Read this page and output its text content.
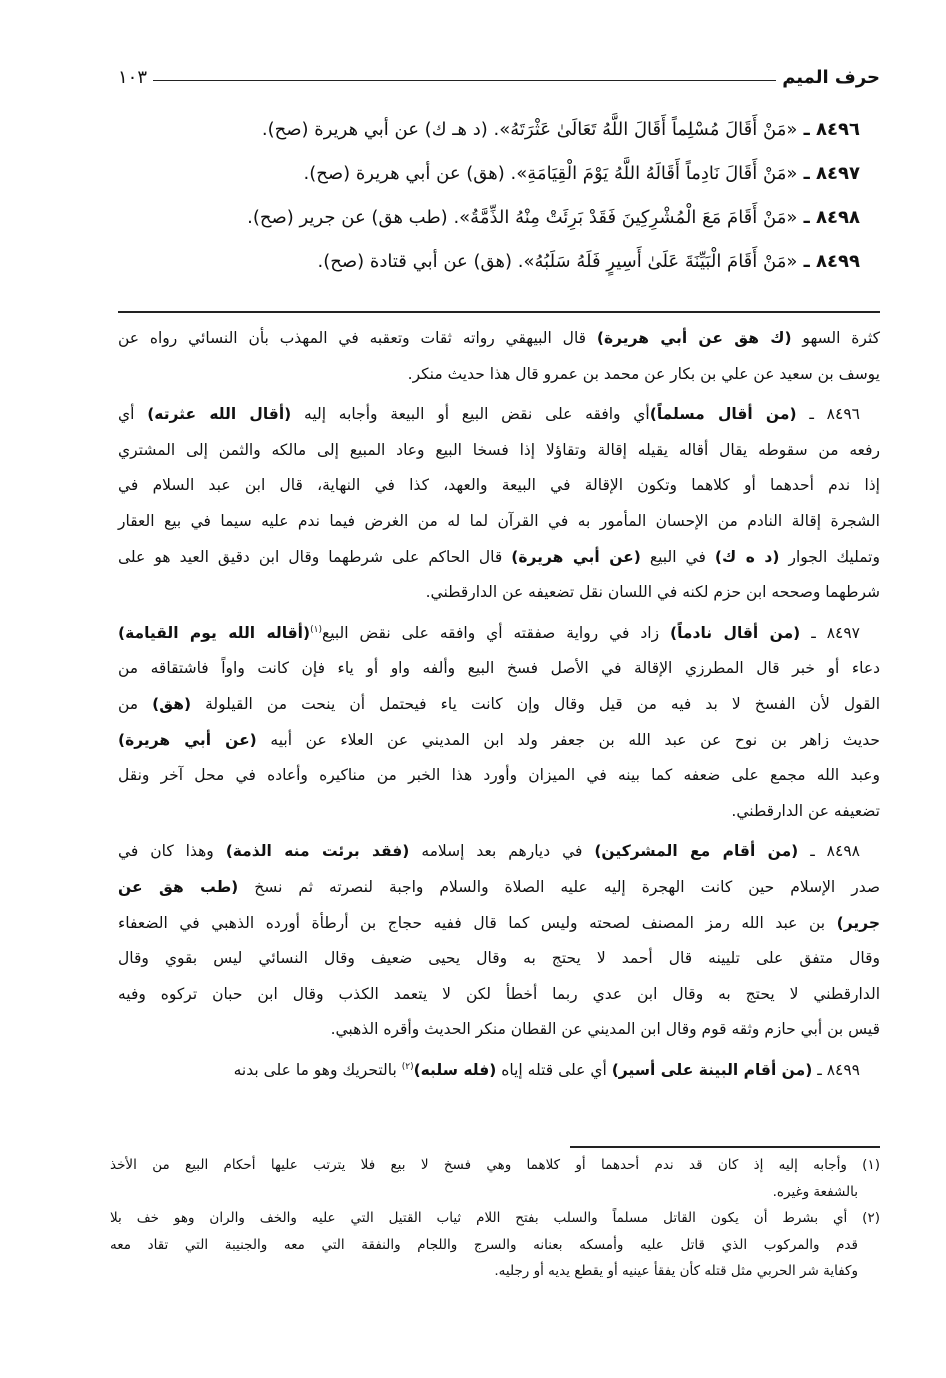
حرف الميم
١٠٣
٨٤٩٦ ـ «مَنْ أَقَالَ مُسْلِماً أَقَالَ اللَّهُ تَعَالَىٰ عَثْرَتَهُ». (د هـ ك) عن أبي هريرة (صح).
٨٤٩٧ ـ «مَنْ أَقَالَ نَادِماً أَقَالَهُ اللَّهُ يَوْمَ الْقِيَامَةِ». (هق) عن أبي هريرة (صح).
٨٤٩٨ ـ «مَنْ أَقَامَ مَعَ الْمُشْرِكِينَ فَقَدْ بَرِئَتْ مِنْهُ الذِّمَّةُ». (طب هق) عن جرير (صح).
٨٤٩٩ ـ «مَنْ أَقَامَ الْبَيِّنَةَ عَلَىٰ أَسِيرٍ فَلَهُ سَلَبُهُ». (هق) عن أبي قتادة (صح).
كثرة السهو (ك هق عن أبي هريرة) قال البيهقي رواته ثقات وتعقبه في المهذب بأن النسائي رواه عن
يوسف بن سعيد عن علي بن بكار عن محمد بن عمرو قال هذا حديث منكر.
٨٤٩٦ ـ (من أقال مسلماً)أي وافقه على نقض البيع أو البيعة وأجابه إليه (أقال الله عثرته) أي
رفعه من سقوطه يقال أقاله يقيله إقالة وتقاؤلا إذا فسخا البيع وعاد المبيع إلى مالكه والثمن إلى المشتري
إذا ندم أحدهما أو كلاهما وتكون الإقالة في البيعة والعهد، كذا في النهاية، قال ابن عبد السلام في
الشجرة إقالة النادم من الإحسان المأمور به في القرآن لما له من الغرض فيما ندم عليه سيما في بيع العقار
وتمليك الجوار (د ه ك) في البيع (عن أبي هريرة) قال الحاكم على شرطهما وقال ابن دقيق العيد هو على
شرطهما وصححه ابن حزم لكنه في اللسان نقل تضعيفه عن الدارقطني.
٨٤٩٧ ـ (من أقال نادماً) زاد في رواية صفقته أي وافقه على نقض البيع$^{(١)}$(أقاله الله يوم القيامة)
دعاء أو خبر قال المطرزي الإقالة في الأصل فسخ البيع وألفه واو أو ياء فإن كانت واواً فاشتقاقه من
القول لأن الفسخ لا بد فيه من قيل وقال وإن كانت ياء فيحتمل أن ينحت من القيلولة (هق) من
حديث زاهر بن نوح عن عبد الله بن جعفر ولد ابن المديني عن العلاء عن أبيه (عن أبي هريرة)
وعبد الله مجمع على ضعفه كما بينه في الميزان وأورد هذا الخبر من مناكيره وأعاده في محل آخر ونقل
تضعيفه عن الدارقطني.
٨٤٩٨ ـ (من أقام مع المشركين) في ديارهم بعد إسلامه (فقد برئت منه الذمة) وهذا كان في
صدر الإسلام حين كانت الهجرة إليه عليه الصلاة والسلام واجبة لنصرته ثم نسخ (طب هق عن
جرير) بن عبد الله رمز المصنف لصحته وليس كما قال ففيه حجاج بن أرطأة أورده الذهبي في الضعفاء
وقال متفق على تليينه قال أحمد لا يحتج به وقال يحيى ضعيف وقال النسائي ليس بقوي وقال
الدارقطني لا يحتج به وقال ابن عدي ربما أخطأ لكن لا يتعمد الكذب وقال ابن حبان تركوه وفيه
قيس بن أبي حازم وثقه قوم وقال ابن المديني عن القطان منكر الحديث وأقره الذهبي.
٨٤٩٩ ـ (من أقام البينة على أسير) أي على قتله إياه (فله سلبه)$^{(٢)}$ بالتحريك وهو ما على بدنه
(١) وأجابه إليه إذ كان قد ندم أحدهما أو كلاهما وهي فسخ لا بيع فلا يترتب عليها أحكام البيع من الأخذ
بالشفعة وغيره.
(٢) أي بشرط أن يكون القاتل مسلماً والسلب بفتح اللام ثياب القتيل التي عليه والخف والران وهو خف بلا
قدم والمركوب الذي قاتل عليه وأمسكه بعنانه والسرج واللجام والنفقة التي معه والجنيبة التي تقاد معه
وكفاية شر الحربي مثل قتله كأن يفقأ عينيه أو يقطع يديه أو رجليه.
